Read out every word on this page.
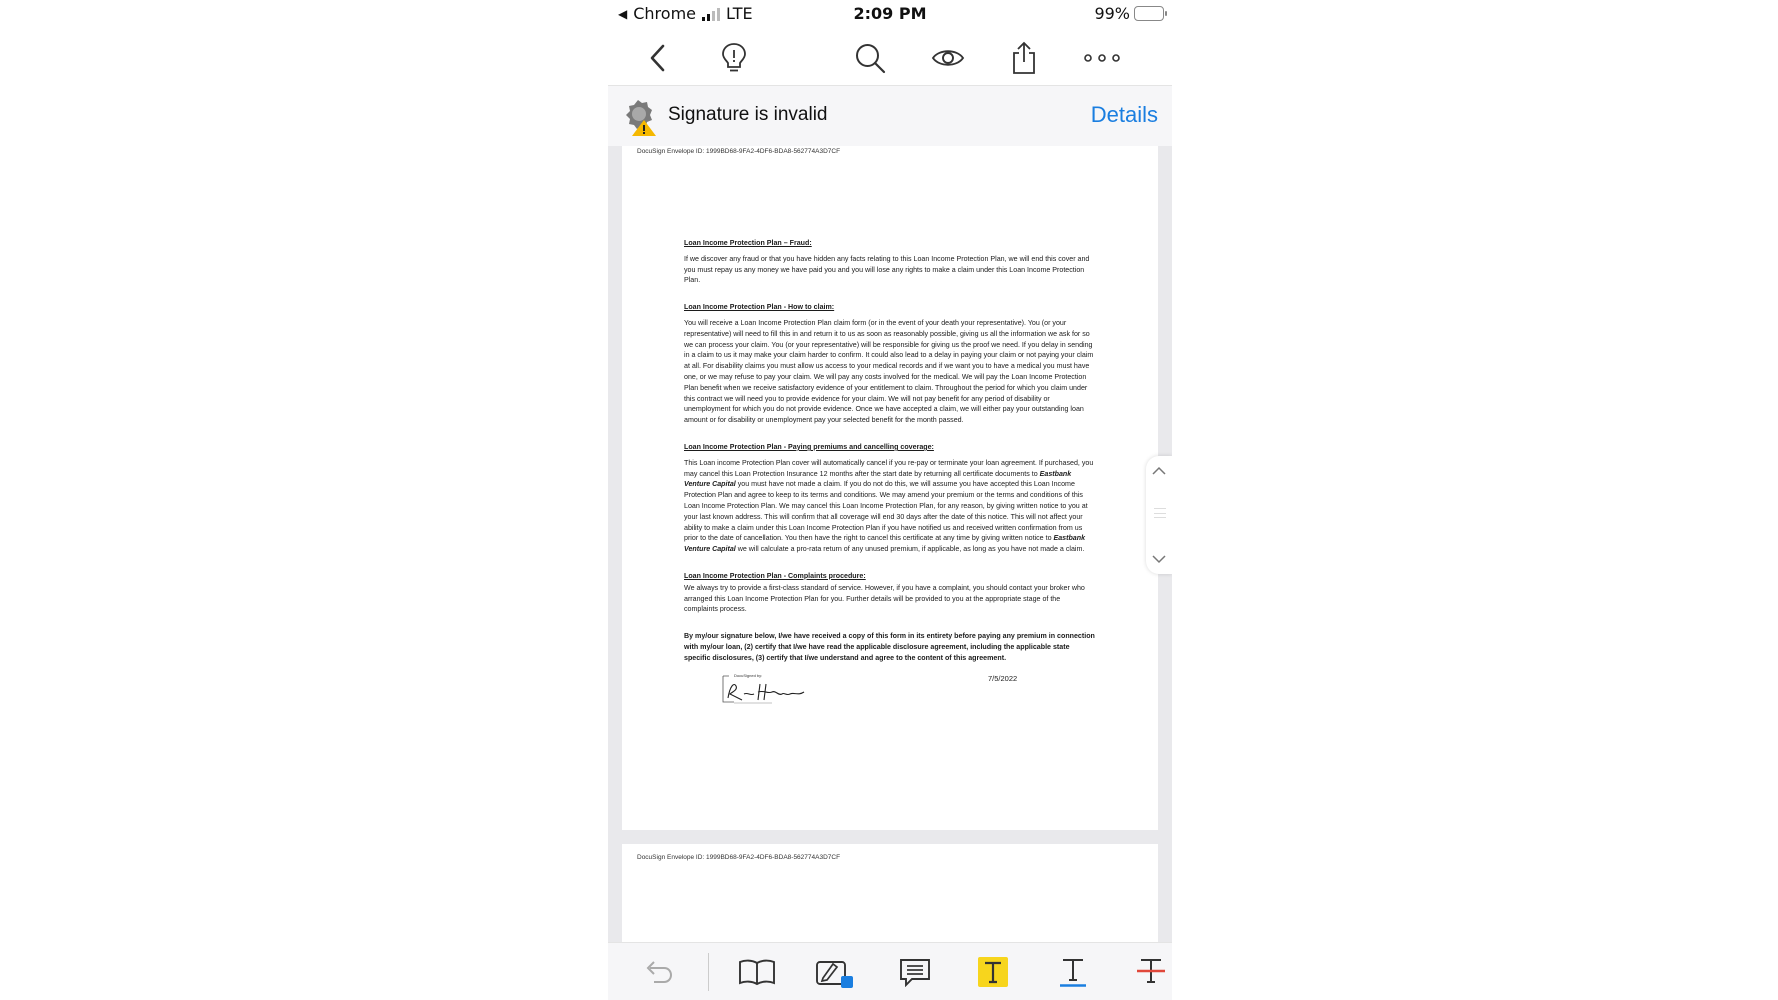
◀ Chrome LTE	2:09 PM	99%
Signature is invalid	Details
DocuSign Envelope ID: 1999BD68-9FA2-4DF6-BDA8-562774A3D7CF
Loan Income Protection Plan – Fraud:

If we discover any fraud or that you have hidden any facts relating to this Loan Income Protection Plan, we will end this cover and you must repay us any money we have paid you and you will lose any rights to make a claim under this Loan Income Protection Plan.

Loan Income Protection Plan - How to claim:

You will receive a Loan Income Protection Plan claim form (or in the event of your death your representative). You (or your representative) will need to fill this in and return it to us as soon as reasonably possible, giving us all the information we ask for so we can process your claim. You (or your representative) will be responsible for giving us the proof we need. If you delay in sending in a claim to us it may make your claim harder to confirm. It could also lead to a delay in paying your claim or not paying your claim at all. For disability claims you must allow us access to your medical records and if we want you to have a medical you must have one, or we may refuse to pay your claim. We will pay any costs involved for the medical. We will pay the Loan Income Protection Plan benefit when we receive satisfactory evidence of your entitlement to claim. Throughout the period for which you claim under this contract we will need you to provide evidence for your claim. We will not pay benefit for any period of disability or unemployment for which you do not provide evidence. Once we have accepted a claim, we will either pay your outstanding loan amount or for disability or unemployment pay your selected benefit for the month passed.

Loan Income Protection Plan - Paying premiums and cancelling coverage:

This Loan income Protection Plan cover will automatically cancel if you re-pay or terminate your loan agreement. If purchased, you may cancel this Loan Protection Insurance 12 months after the start date by returning all certificate documents to Eastbank Venture Capital you must have not made a claim. If you do not do this, we will assume you have accepted this Loan Income Protection Plan and agree to keep to its terms and conditions. We may amend your premium or the terms and conditions of this Loan Income Protection Plan. We may cancel this Loan Income Protection Plan, for any reason, by giving written notice to you at your last known address. This will confirm that all coverage will end 30 days after the date of this notice. This will not affect your ability to make a claim under this Loan Income Protection Plan if you have notified us and received written confirmation from us prior to the date of cancellation. You then have the right to cancel this certificate at any time by giving written notice to Eastbank Venture Capital we will calculate a pro-rata return of any unused premium, if applicable, as long as you have not made a claim.

Loan Income Protection Plan - Complaints procedure:

We always try to provide a first-class standard of service. However, if you have a complaint, you should contact your broker who arranged this Loan Income Protection Plan for you. Further details will be provided to you at the appropriate stage of the complaints process.

By my/our signature below, I/we have received a copy of this form in its entirety before paying any premium in connection with my/our loan, (2) certify that I/we have read the applicable disclosure agreement, including the applicable state specific disclosures, (3) certify that I/we understand and agree to the content of this agreement.

DocuSigned by:	7/5/2022
DocuSign Envelope ID: 1999BD68-9FA2-4DF6-BDA8-562774A3D7CF
